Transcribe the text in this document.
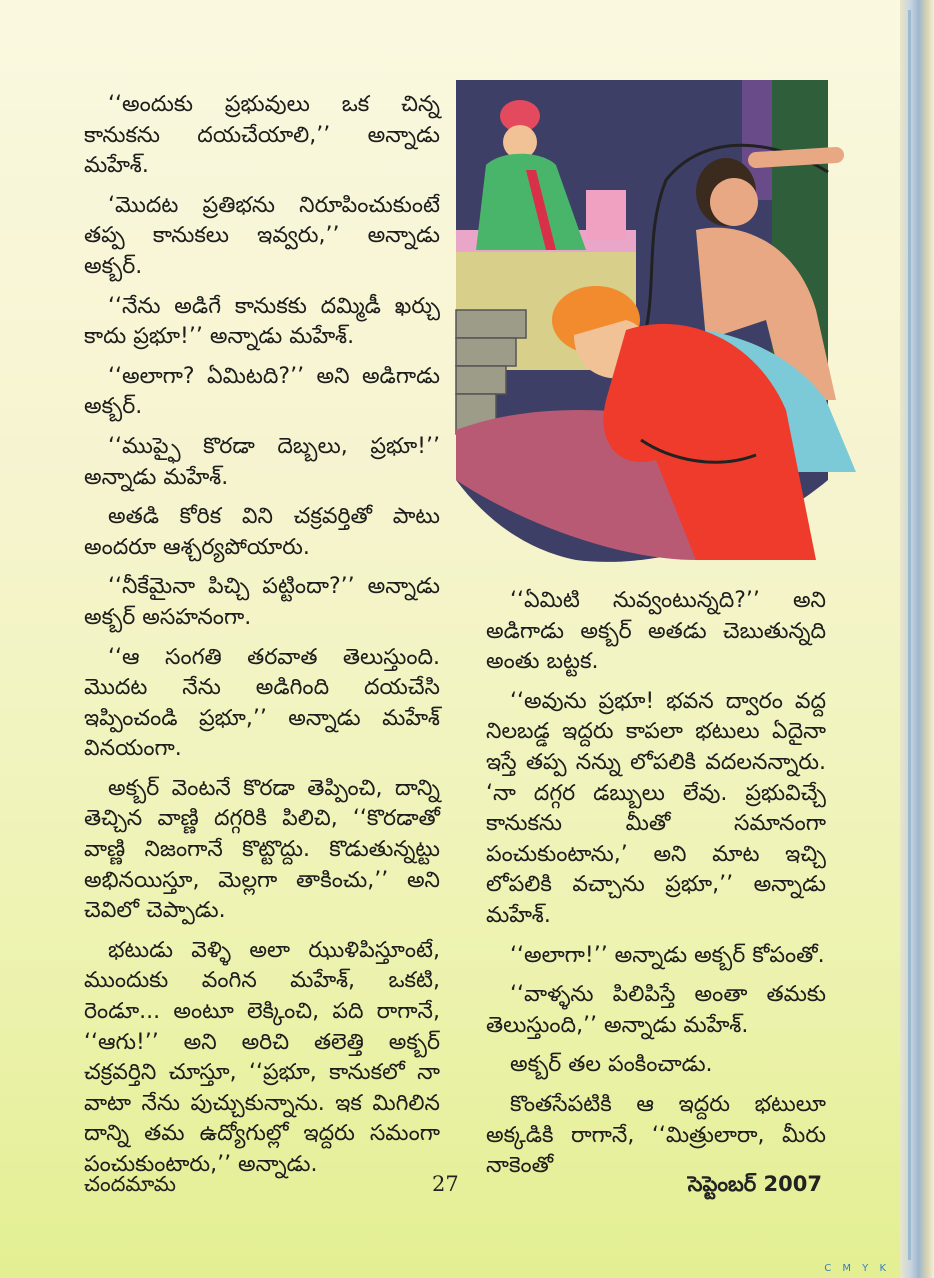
‘‘అందుకు ప్రభువులు ఒక చిన్న కానుకను దయచేయాలి,’’ అన్నాడు మహేశ్.

‘మొదట ప్రతిభను నిరూపించుకుంటే తప్ప కానుకలు ఇవ్వరు,’’ అన్నాడు అక్బర్.

‘‘నేను అడిగే కానుకకు దమ్మిడీ ఖర్చు కాదు ప్రభూ!’’ అన్నాడు మహేశ్.

‘‘అలాగా? ఏమిటది?’’ అని అడిగాడు అక్బర్.

‘‘ముప్ఫై కొరడా దెబ్బలు, ప్రభూ!’’ అన్నాడు మహేశ్.

అతడి కోరిక విని చక్రవర్తితో పాటు అందరూ ఆశ్చర్యపోయారు.

‘‘నీకేమైనా పిచ్చి పట్టిందా?’’ అన్నాడు అక్బర్ అసహనంగా.

‘‘ఆ సంగతి తరవాత తెలుస్తుంది. మొదట నేను అడిగింది దయచేసి ఇప్పించండి ప్రభూ,’’ అన్నాడు మహేశ్ వినయంగా.

అక్బర్ వెంటనే కొరడా తెప్పించి, దాన్ని తెచ్చిన వాణ్ణి దగ్గరికి పిలిచి, ‘‘కొరడాతో వాణ్ణి నిజంగానే కొట్టొద్దు. కొడుతున్నట్టు అభినయిస్తూ, మెల్లగా తాకించు,’’ అని చెవిలో చెప్పాడు.

భటుడు వెళ్ళి అలా ఝుళిపిస్తూంటే, ముందుకు వంగిన మహేశ్, ఒకటి, రెండూ... అంటూ లెక్కించి, పది రాగానే, ‘‘ఆగు!’’ అని అరిచి తలెత్తి అక్బర్ చక్రవర్తిని చూస్తూ, ‘‘ప్రభూ, కానుకలో నా వాటా నేను పుచ్చుకున్నాను. ఇక మిగిలిన దాన్ని తమ ఉద్యోగుల్లో ఇద్దరు సమంగా పంచుకుంటారు,’’ అన్నాడు.

‘‘ఏమిటి నువ్వంటున్నది?’’ అని అడిగాడు అక్బర్ అతడు చెబుతున్నది అంతు బట్టక.

‘‘అవును ప్రభూ! భవన ద్వారం వద్ద నిలబడ్డ ఇద్దరు కాపలా భటులు ఏదైనా ఇస్తే తప్ప నన్ను లోపలికి వదలనన్నారు. ‘నా దగ్గర డబ్బులు లేవు. ప్రభువిచ్చే కానుకను మీతో సమానంగా పంచుకుంటాను,’ అని మాట ఇచ్చి లోపలికి వచ్చాను ప్రభూ,’’ అన్నాడు మహేశ్.

‘‘అలాగా!’’ అన్నాడు అక్బర్ కోపంతో.

‘‘వాళ్ళను పిలిపిస్తే అంతా తమకు తెలుస్తుంది,’’ అన్నాడు మహేశ్.

అక్బర్ తల పంకించాడు.

కొంతసేపటికి ఆ ఇద్దరు భటులూ అక్కడికి రాగానే, ‘‘మిత్రులారా, మీరు నాకెంతో

చందమామ	27	సెప్టెంబర్ 2007
C M Y K
